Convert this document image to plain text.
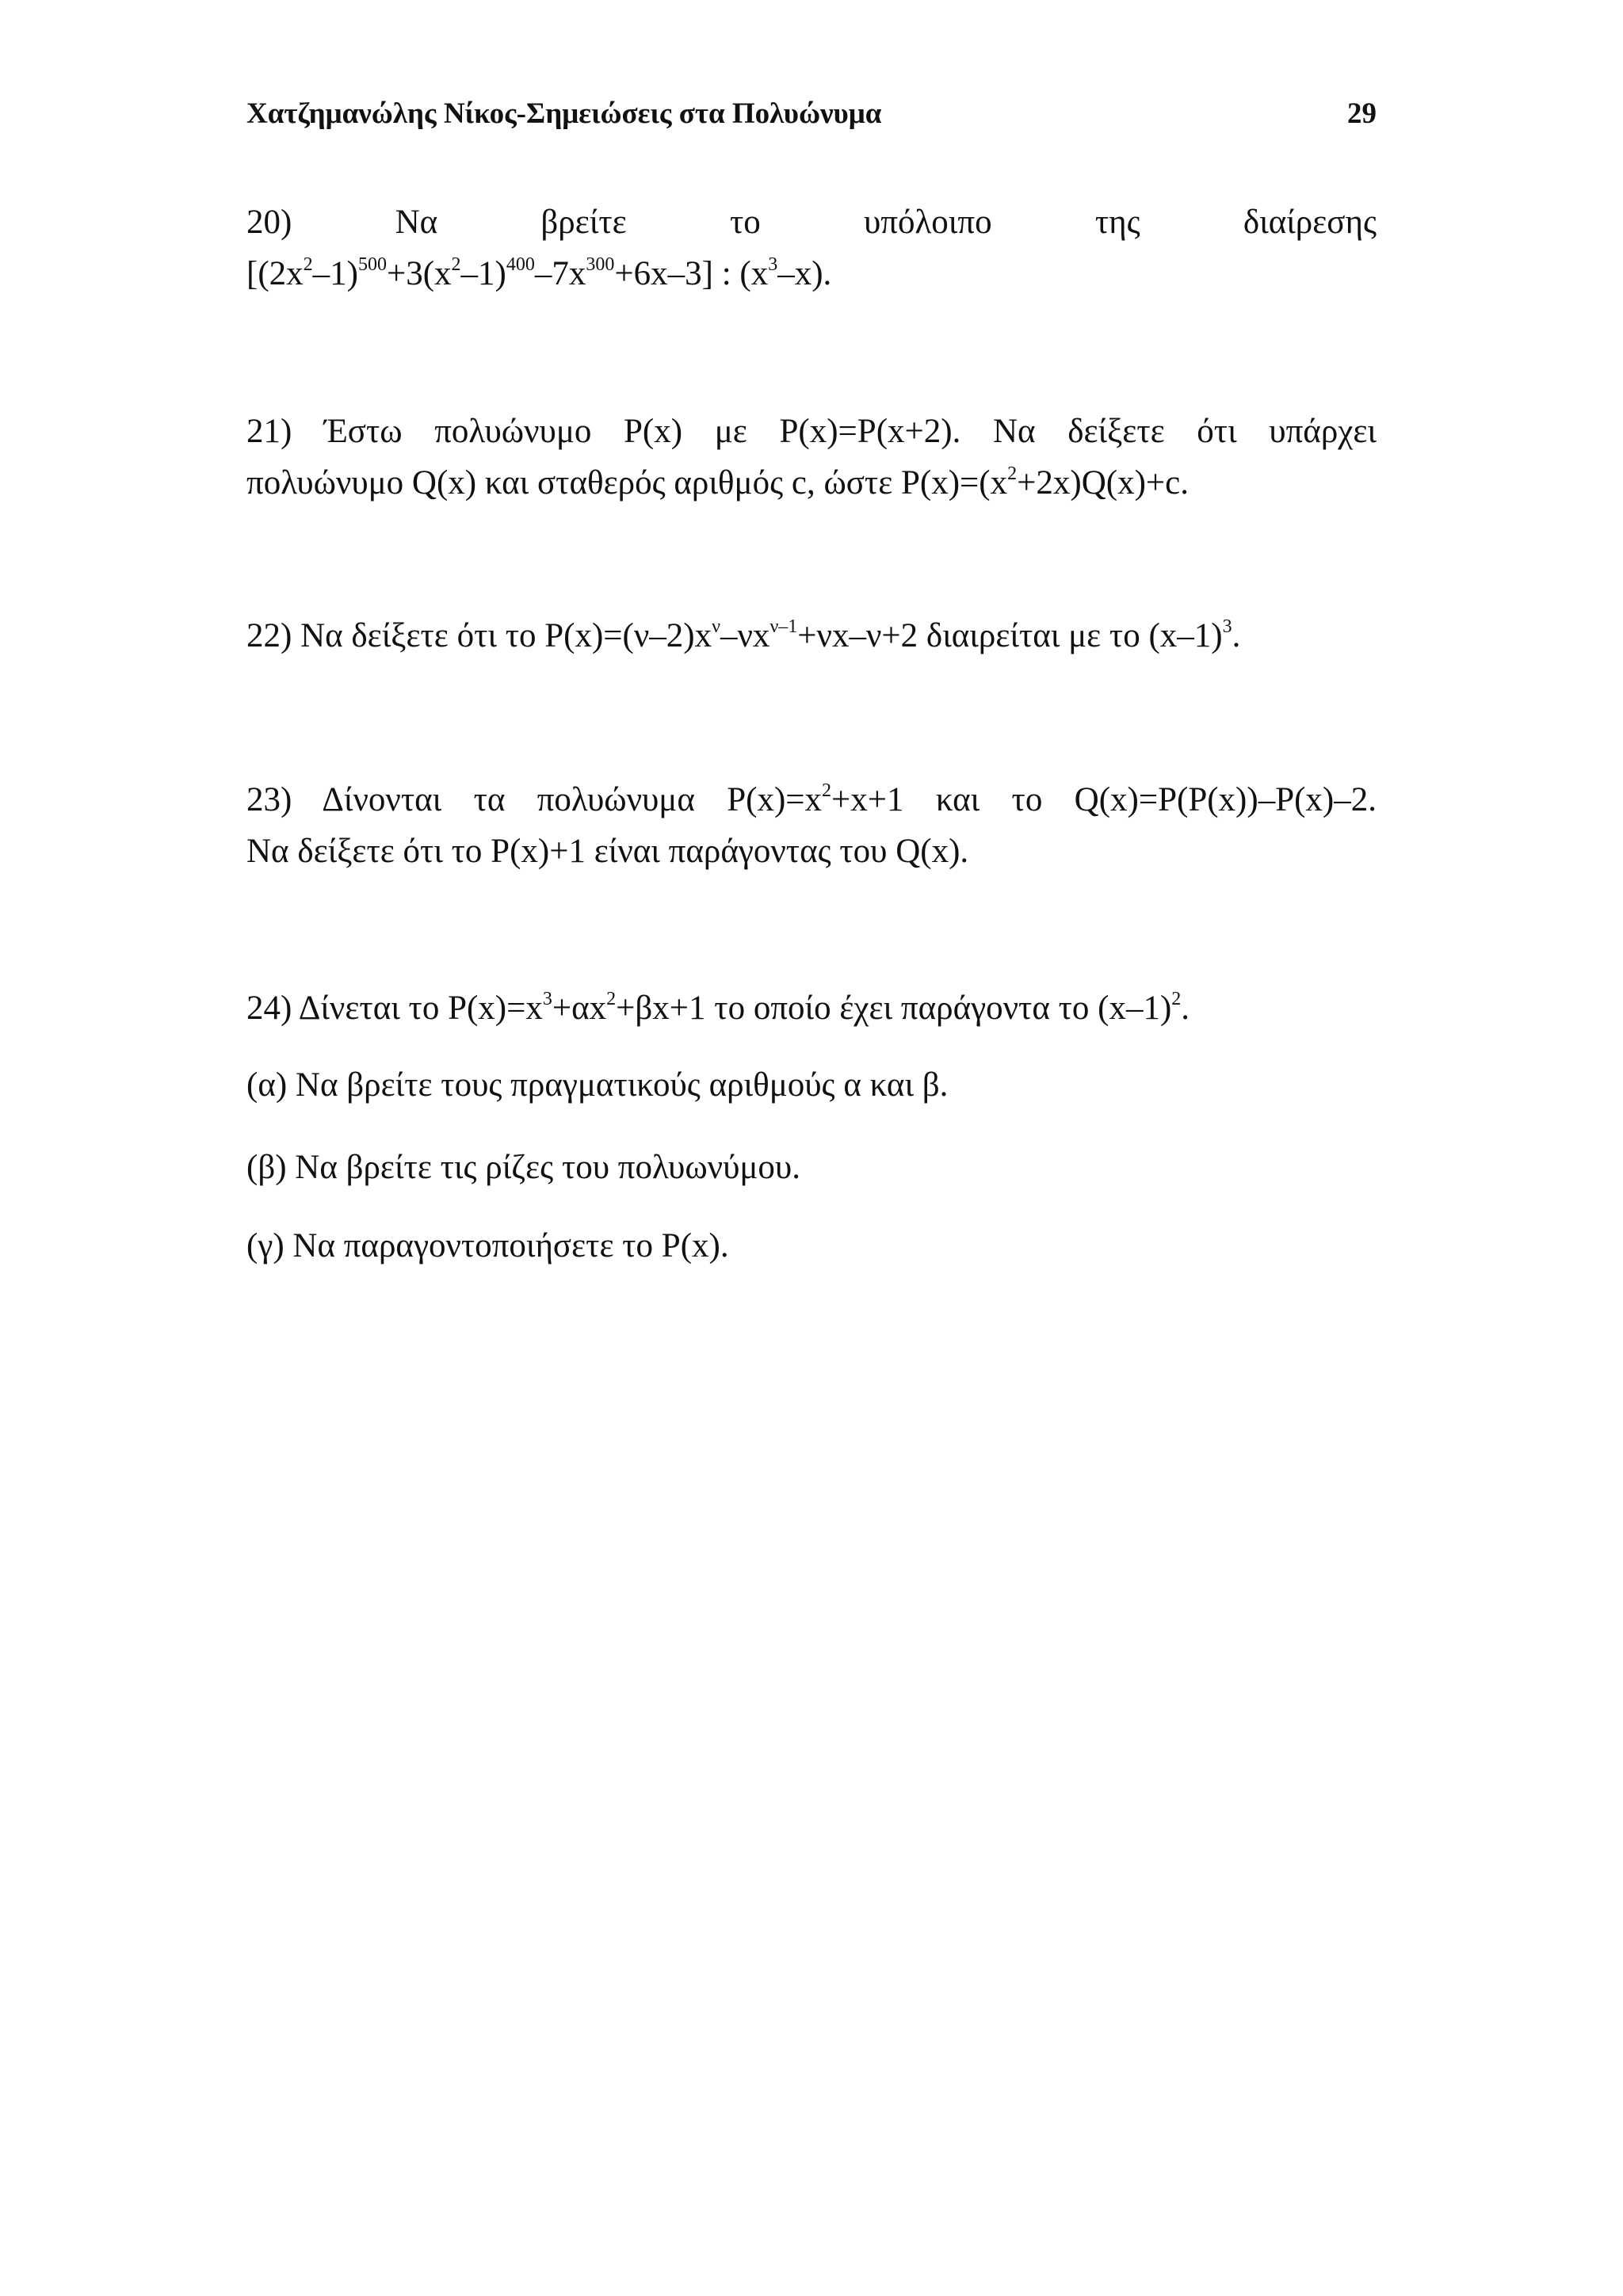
Χατζημανώλης Νίκος-Σημειώσεις στα Πολυώνυμα	29
20)	Να	βρείτε	το	υπόλοιπο	της	διαίρεσης
$[(2x^2-1)^{500}+3(x^2-1)^{400}-7x^{300}+6x-3]$ : $(x^3-x)$.
21) Έστω πολυώνυμο P(x) με P(x)=P(x+2). Να δείξετε ότι υπάρχει
πολυώνυμο Q(x) και σταθερός αριθμός c, ώστε $P(x)=(x^2+2x)Q(x)+c$.
22) Να δείξετε ότι το $P(x)=(\nu-2)x^\nu-\nu x^{\nu-1}+\nu x-\nu+2$ διαιρείται με το $(x-1)^3$.
23) Δίνονται τα πολυώνυμα $P(x)=x^2+x+1$ και το Q(x)=P(P(x))–P(x)–2.
Να δείξετε ότι το P(x)+1 είναι παράγοντας του Q(x).
24) Δίνεται το $P(x)=x^3+\alpha x^2+\beta x+1$ το οποίο έχει παράγοντα το $(x-1)^2$.
(α) Να βρείτε τους πραγματικούς αριθμούς α και β.
(β) Να βρείτε τις ρίζες του πολυωνύμου.
(γ) Να παραγοντοποιήσετε το P(x).
